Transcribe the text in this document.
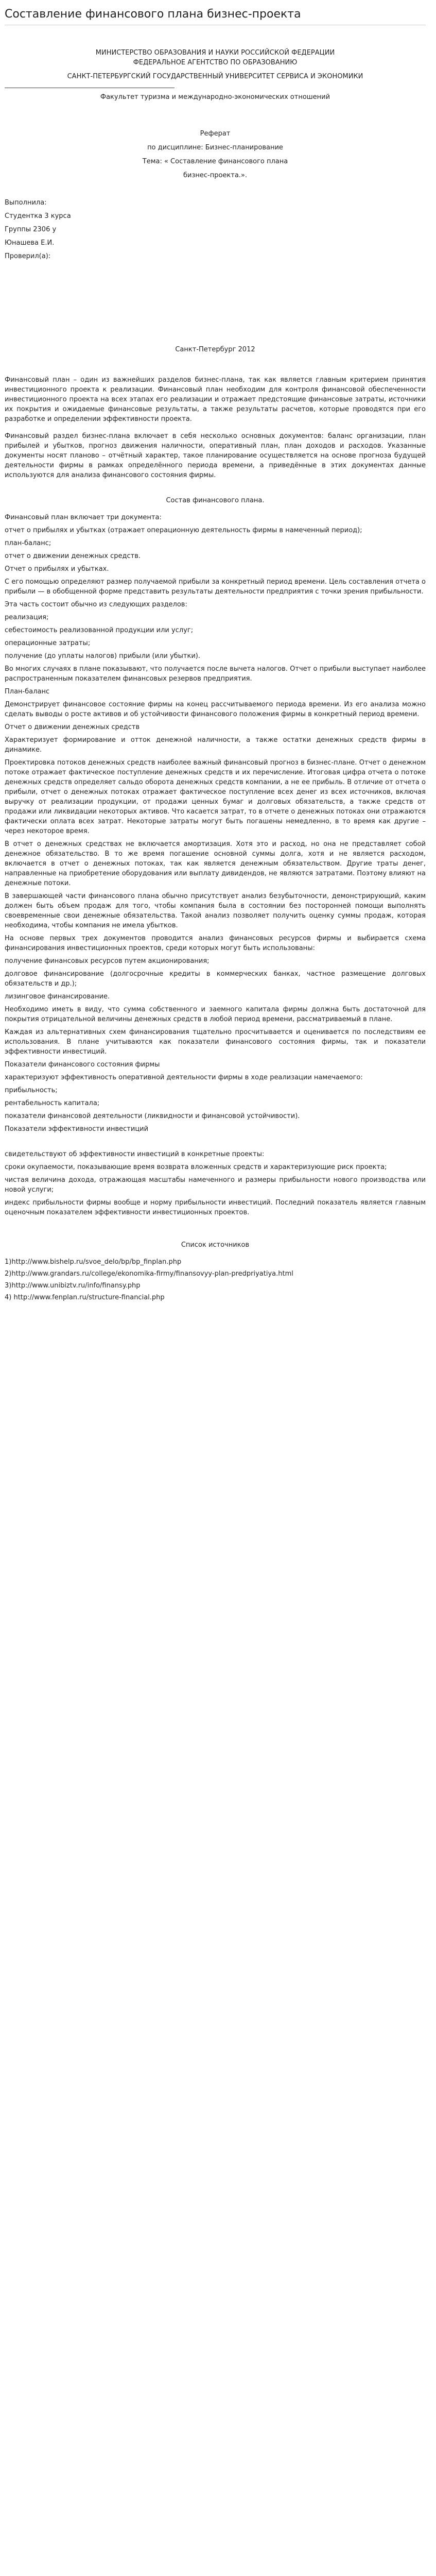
Составление финансового плана бизнес-проекта

МИНИСТЕРСТВО ОБРАЗОВАНИЯ И НАУКИ РОССИЙСКОЙ ФЕДЕРАЦИИ

ФЕДЕРАЛЬНОЕ АГЕНТСТВО ПО ОБРАЗОВАНИЮ

САНКТ-ПЕТЕРБУРГСКИЙ ГОСУДАРСТВЕННЫЙ УНИВЕРСИТЕТ СЕРВИСА И ЭКОНОМИКИ

Факультет туризма и международно-экономических отношений

Реферат

по дисциплине: Бизнес-планирование

Тема: « Составление финансового плана

бизнес-проекта.».

Выполнила:

Студентка 3 курса

Группы 2306 у

Юнашева Е.И.

Проверил(а):

Санкт-Петербург 2012

Финансовый план – один из важнейших разделов бизнес-плана, так как является главным критерием принятия инвестиционного проекта к реализации. Финансовый план необходим для контроля финансовой обеспеченности инвестиционного проекта на всех этапах его реализации и отражает предстоящие финансовые затраты, источники их покрытия и ожидаемые финансовые результаты, а также результаты расчетов, которые проводятся при его разработке и определении эффективности проекта.

Финансовый раздел бизнес-плана включает в себя несколько основных документов: баланс организации, план прибылей и убытков, прогноз движения наличности, оперативный план, план доходов и расходов. Указанные документы носят плановo – отчётный характер, такое планирование осуществляется на основе прогноза будущей деятельности фирмы в рамках определённого периода времени, а приведённые в этих документах данные используются для анализа финансового состояния фирмы.

Состав финансового плана.

Финансовый план включает три документа:

отчет о прибылях и убытках (отражает операционную деятельность фирмы в намеченный период);

план-баланс;

отчет о движении денежных средств.

Отчет о прибылях и убытках.

С его помощью определяют размер получаемой прибыли за конкретный период времени. Цель составления отчета о прибыли — в обобщенной форме представить результаты деятельности предприятия с точки зрения прибыльности.

Эта часть состоит обычно из следующих разделов:

реализация;

себестоимость реализованной продукции или услуг;

операционные затраты;

получение (до уплаты налогов) прибыли (или убытки).

Во многих случаях в плане показывают, что получается после вычета налогов. Отчет о прибыли выступает наиболее распространенным показателем финансовых резервов предприятия.

План-баланс

Демонстрирует финансовое состояние фирмы на конец рассчитываемого периода времени. Из его анализа можно сделать выводы о росте активов и об устойчивости финансового положения фирмы в конкретный период времени.

Отчет о движении денежных средств

Характеризует формирование и отток денежной наличности, а также остатки денежных средств фирмы в динамике.

Проектировка потоков денежных средств наиболее важный финансовый прогноз в бизнес-плане. Отчет о денежном потоке отражает фактическое поступление денежных средств и их перечисление. Итоговая цифра отчета о потоке денежных средств определяет сальдо оборота денежных средств компании, а не ее прибыль. В отличие от отчета о прибыли, отчет о денежных потоках отражает фактическое поступление всех денег из всех источников, включая выручку от реализации продукции, от продажи ценных бумаг и долговых обязательств, а также средств от продажи или ликвидации некоторых активов. Что касается затрат, то в отчете о денежных потоках они отражаются фактически оплата всех затрат. Некоторые затраты могут быть погашены немедленно, в то время как другие – через некоторое время.

В отчет о денежных средствах не включается амортизация. Хотя это и расход, но она не представляет собой денежное обязательство. В то же время погашение основной суммы долга, хотя и не является расходом, включается в отчет о денежных потоках, так как является денежным обязательством. Другие траты денег, направленные на приобретение оборудования или выплату дивидендов, не являются затратами. Поэтому влияют на денежные потоки.

В завершающей части финансового плана обычно присутствует анализ безубыточности, демонстрирующий, каким должен быть объем продаж для того, чтобы компания была в состоянии без посторонней помощи выполнять своевременные свои денежные обязательства. Такой анализ позволяет получить оценку суммы продаж, которая необходима, чтобы компания не имела убытков.

На основе первых трех документов проводится анализ финансовых ресурсов фирмы и выбирается схема финансирования инвестиционных проектов, среди которых могут быть использованы:

получение финансовых ресурсов путем акционирования;

долговое финансирование (долгосрочные кредиты в коммерческих банках, частное размещение долговых обязательств и др.);

лизинговое финансирование.

Необходимо иметь в виду, что сумма собственного и заемного капитала фирмы должна быть достаточной для покрытия отрицательной величины денежных средств в любой период времени, рассматриваемый в плане.

Каждая из альтернативных схем финансирования тщательно просчитывается и оценивается по последствиям ее использования. В плане учитываются как показатели финансового состояния фирмы, так и показатели эффективности инвестиций.

Показатели финансового состояния фирмы

характеризуют эффективность оперативной деятельности фирмы в ходе реализации намечаемого:

прибыльность;

рентабельность капитала;

показатели финансовой деятельности (ликвидности и финансовой устойчивости).

Показатели эффективности инвестиций

свидетельствуют об эффективности инвестиций в конкретные проекты:

сроки окупаемости, показывающие время возврата вложенных средств и характеризующие риск проекта;

чистая величина дохода, отражающая масштабы намеченного и размеры прибыльности нового производства или новой услуги;

индекс прибыльности фирмы вообще и норму прибыльности инвестиций. Последний показатель является главным оценочным показателем эффективности инвестиционных проектов.

Список источников

1)http://www.bishelp.ru/svoe_delo/bp/bp_finplan.php

2)http://www.grandars.ru/college/ekonomika-firmy/finansovyy-plan-predpriyatiya.html

3)http://www.unibiztv.ru/info/finansy.php

4) http://www.fenplan.ru/structure-financial.php
